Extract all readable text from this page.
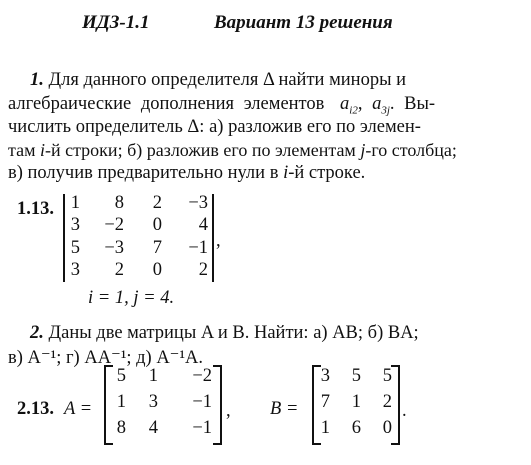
ИДЗ-1.1	Вариант 13 решения
1. Для данного определителя Δ найти миноры и
алгебраические дополнения элементов $a_{i2}$, $a_{3j}$. Вы-
числить определитель Δ: а) разложив его по элемен-
там i-й строки; б) разложив его по элементам j-го столбца;
в) получив предварительно нули в i-й строке.
1.13. 1	8	2	−3
3	−2	0	4
5	−3	7	−1
3	2	0	2
,
i = 1, j = 4.
2. Даны две матрицы A и B. Найти: а) AB; б) BA;
в) A⁻¹; г) AA⁻¹; д) A⁻¹A.
2.13. A =
5	1	−2
1	3	−1
8	4	−1
, B =
3	5	5
7	1	2
1	6	0
.
